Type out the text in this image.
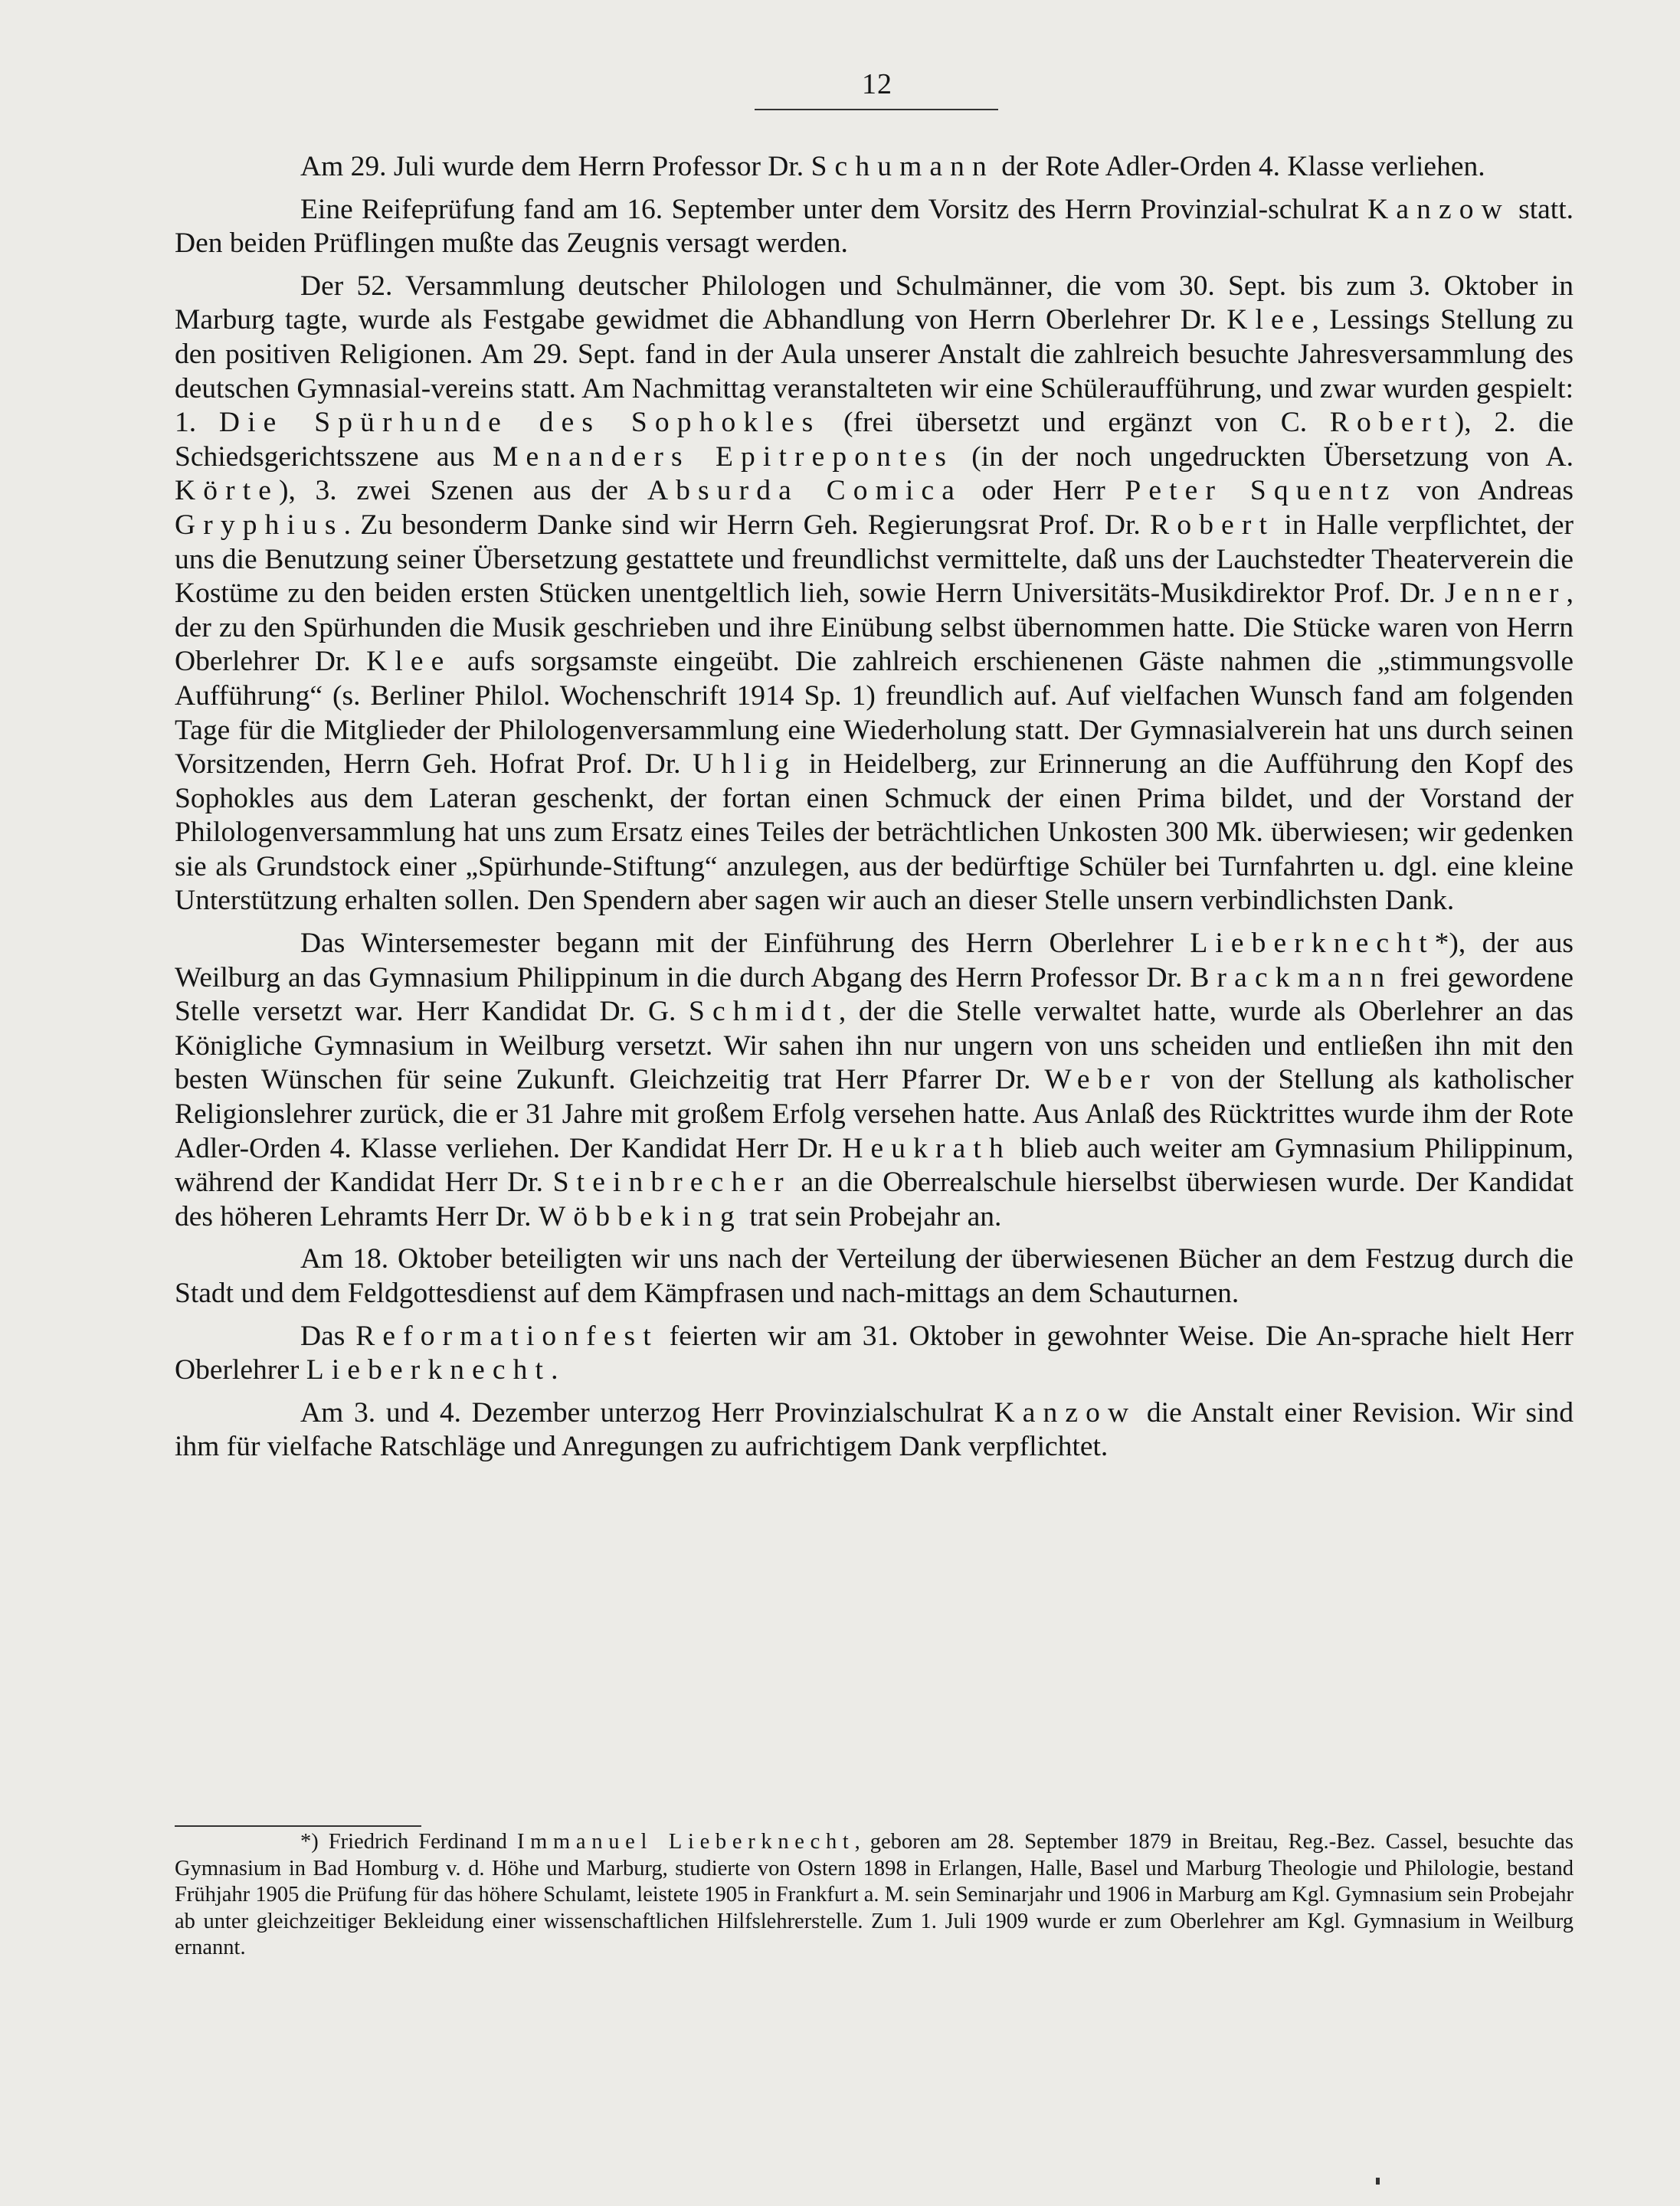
12

Am 29. Juli wurde dem Herrn Professor Dr. Schumann der Rote Adler-Orden 4. Klasse verliehen.

Eine Reifeprüfung fand am 16. September unter dem Vorsitz des Herrn Provinzial-schulrat Kanzow statt. Den beiden Prüflingen mußte das Zeugnis versagt werden.

Der 52. Versammlung deutscher Philologen und Schulmänner, die vom 30. Sept. bis zum 3. Oktober in Marburg tagte, wurde als Festgabe gewidmet die Abhandlung von Herrn Oberlehrer Dr. Klee, Lessings Stellung zu den positiven Religionen. Am 29. Sept. fand in der Aula unserer Anstalt die zahlreich besuchte Jahresversammlung des deutschen Gymnasial-vereins statt. Am Nachmittag veranstalteten wir eine Schüleraufführung, und zwar wurden gespielt: 1. Die Spürhunde des Sophokles (frei übersetzt und ergänzt von C. Robert), 2. die Schiedsgerichtsszene aus Menanders Epitrepontes (in der noch ungedruckten Übersetzung von A. Körte), 3. zwei Szenen aus der Absurda Comica oder Herr Peter Squentz von Andreas Gryphius. Zu besonderm Danke sind wir Herrn Geh. Regierungsrat Prof. Dr. Robert in Halle verpflichtet, der uns die Benutzung seiner Übersetzung gestattete und freundlichst vermittelte, daß uns der Lauchstedter Theaterverein die Kostüme zu den beiden ersten Stücken unentgeltlich lieh, sowie Herrn Universitäts-Musikdirektor Prof. Dr. Jenner, der zu den Spürhunden die Musik geschrieben und ihre Einübung selbst übernommen hatte. Die Stücke waren von Herrn Oberlehrer Dr. Klee aufs sorgsamste eingeübt. Die zahlreich erschienenen Gäste nahmen die „stimmungsvolle Aufführung“ (s. Berliner Philol. Wochenschrift 1914 Sp. 1) freundlich auf. Auf vielfachen Wunsch fand am folgenden Tage für die Mitglieder der Philologenversammlung eine Wiederholung statt. Der Gymnasialverein hat uns durch seinen Vorsitzenden, Herrn Geh. Hofrat Prof. Dr. Uhlig in Heidelberg, zur Erinnerung an die Aufführung den Kopf des Sophokles aus dem Lateran geschenkt, der fortan einen Schmuck der einen Prima bildet, und der Vorstand der Philologenversammlung hat uns zum Ersatz eines Teiles der beträchtlichen Unkosten 300 Mk. überwiesen; wir gedenken sie als Grundstock einer „Spürhunde-Stiftung“ anzulegen, aus der bedürftige Schüler bei Turnfahrten u. dgl. eine kleine Unterstützung erhalten sollen. Den Spendern aber sagen wir auch an dieser Stelle unsern verbindlichsten Dank.

Das Wintersemester begann mit der Einführung des Herrn Oberlehrer Lieberknecht*), der aus Weilburg an das Gymnasium Philippinum in die durch Abgang des Herrn Professor Dr. Brackmann frei gewordene Stelle versetzt war. Herr Kandidat Dr. G. Schmidt, der die Stelle verwaltet hatte, wurde als Oberlehrer an das Königliche Gymnasium in Weilburg versetzt. Wir sahen ihn nur ungern von uns scheiden und entließen ihn mit den besten Wünschen für seine Zukunft. Gleichzeitig trat Herr Pfarrer Dr. Weber von der Stellung als katholischer Religionslehrer zurück, die er 31 Jahre mit großem Erfolg versehen hatte. Aus Anlaß des Rücktrittes wurde ihm der Rote Adler-Orden 4. Klasse verliehen. Der Kandidat Herr Dr. Heukrath blieb auch weiter am Gymnasium Philippinum, während der Kandidat Herr Dr. Steinbrecher an die Oberrealschule hierselbst überwiesen wurde. Der Kandidat des höheren Lehramts Herr Dr. Wöbbeking trat sein Probejahr an.

Am 18. Oktober beteiligten wir uns nach der Verteilung der überwiesenen Bücher an dem Festzug durch die Stadt und dem Feldgottesdienst auf dem Kämpfrasen und nach-mittags an dem Schauturnen.

Das Reformationfest feierten wir am 31. Oktober in gewohnter Weise. Die An-sprache hielt Herr Oberlehrer Lieberknecht.

Am 3. und 4. Dezember unterzog Herr Provinzialschulrat Kanzow die Anstalt einer Revision. Wir sind ihm für vielfache Ratschläge und Anregungen zu aufrichtigem Dank verpflichtet.

*) Friedrich Ferdinand Immanuel Lieberknecht, geboren am 28. September 1879 in Breitau, Reg.-Bez. Cassel, besuchte das Gymnasium in Bad Homburg v. d. Höhe und Marburg, studierte von Ostern 1898 in Erlangen, Halle, Basel und Marburg Theologie und Philologie, bestand Frühjahr 1905 die Prüfung für das höhere Schulamt, leistete 1905 in Frankfurt a. M. sein Seminarjahr und 1906 in Marburg am Kgl. Gymnasium sein Probejahr ab unter gleichzeitiger Bekleidung einer wissenschaftlichen Hilfslehrerstelle. Zum 1. Juli 1909 wurde er zum Oberlehrer am Kgl. Gymnasium in Weilburg ernannt.
